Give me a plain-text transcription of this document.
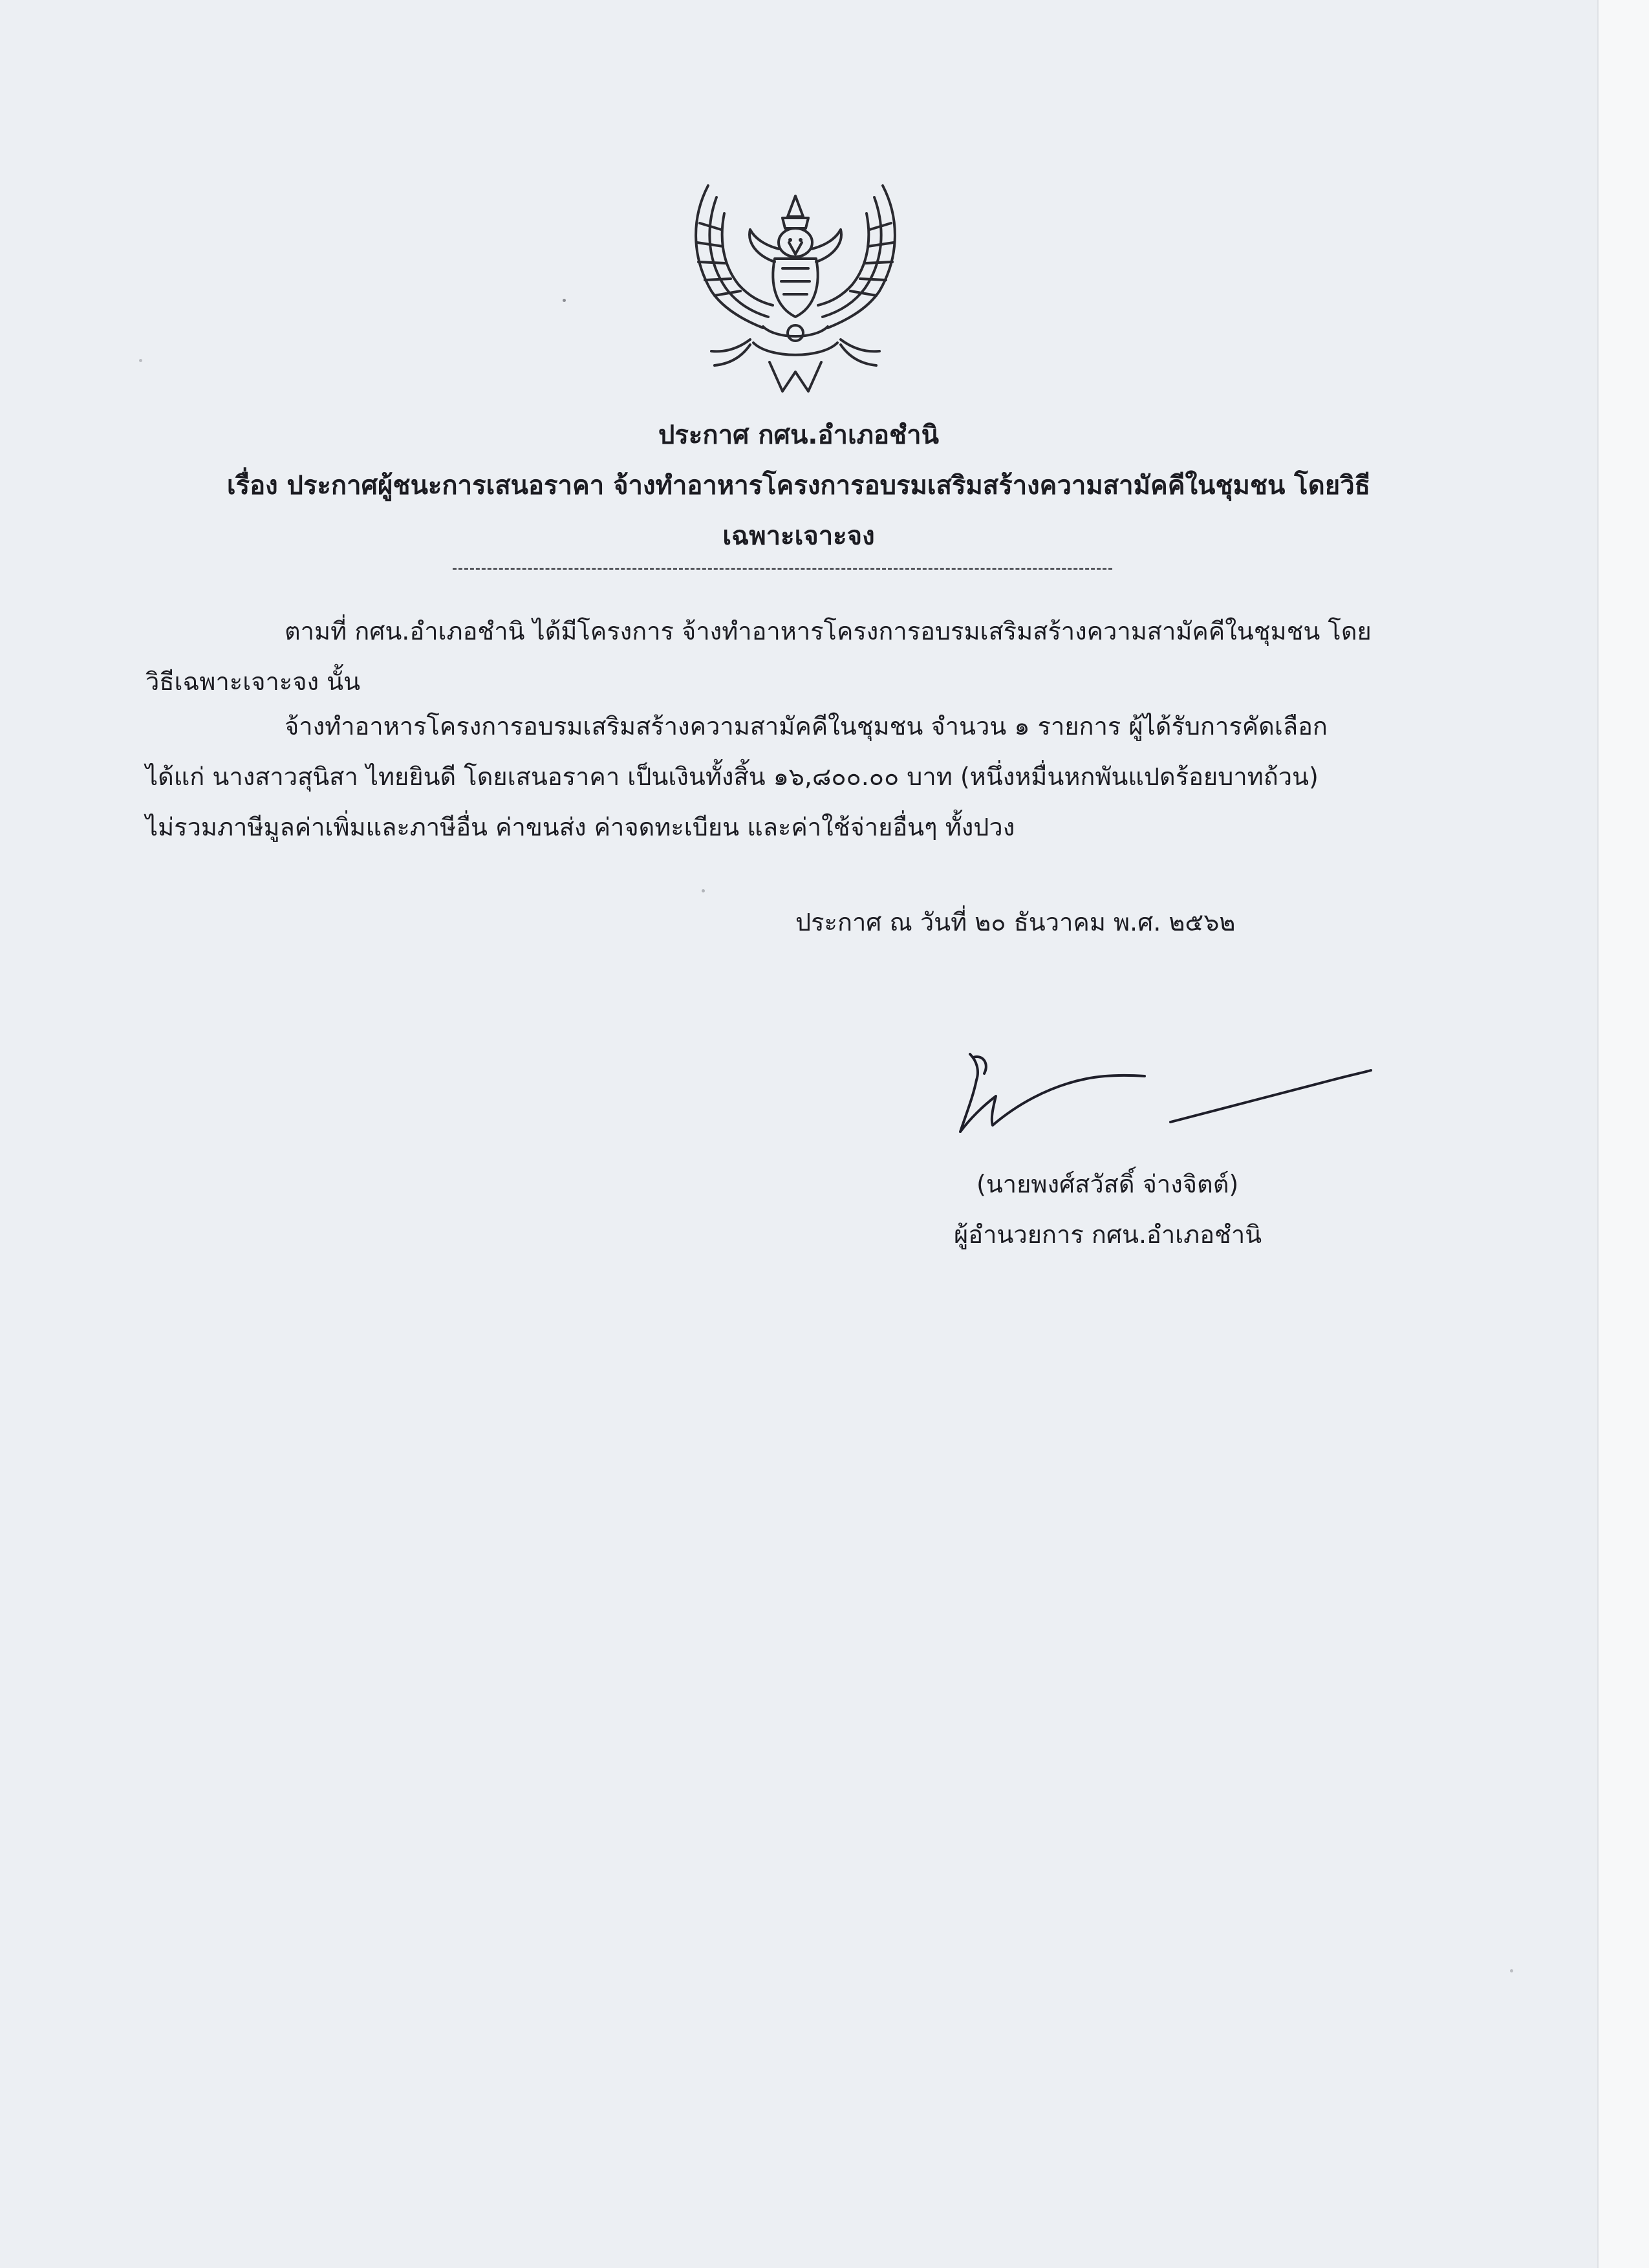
ประกาศ กศน.อำเภอชำนิ
เรื่อง ประกาศผู้ชนะการเสนอราคา จ้างทำอาหารโครงการอบรมเสริมสร้างความสามัคคีในชุมชน โดยวิธี
เฉพาะเจาะจง
ตามที่ กศน.อำเภอชำนิ ได้มีโครงการ จ้างทำอาหารโครงการอบรมเสริมสร้างความสามัคคีในชุมชน โดย
วิธีเฉพาะเจาะจง นั้น
จ้างทำอาหารโครงการอบรมเสริมสร้างความสามัคคีในชุมชน จำนวน ๑ รายการ ผู้ได้รับการคัดเลือก
ได้แก่ นางสาวสุนิสา ไทยยินดี โดยเสนอราคา เป็นเงินทั้งสิ้น ๑๖,๘๐๐.๐๐ บาท (หนึ่งหมื่นหกพันแปดร้อยบาทถ้วน)
ไม่รวมภาษีมูลค่าเพิ่มและภาษีอื่น ค่าขนส่ง ค่าจดทะเบียน และค่าใช้จ่ายอื่นๆ ทั้งปวง
ประกาศ ณ วันที่ ๒๐ ธันวาคม พ.ศ. ๒๕๖๒
(นายพงศ์สวัสดิ์ จ่างจิตต์)
ผู้อำนวยการ กศน.อำเภอชำนิ
